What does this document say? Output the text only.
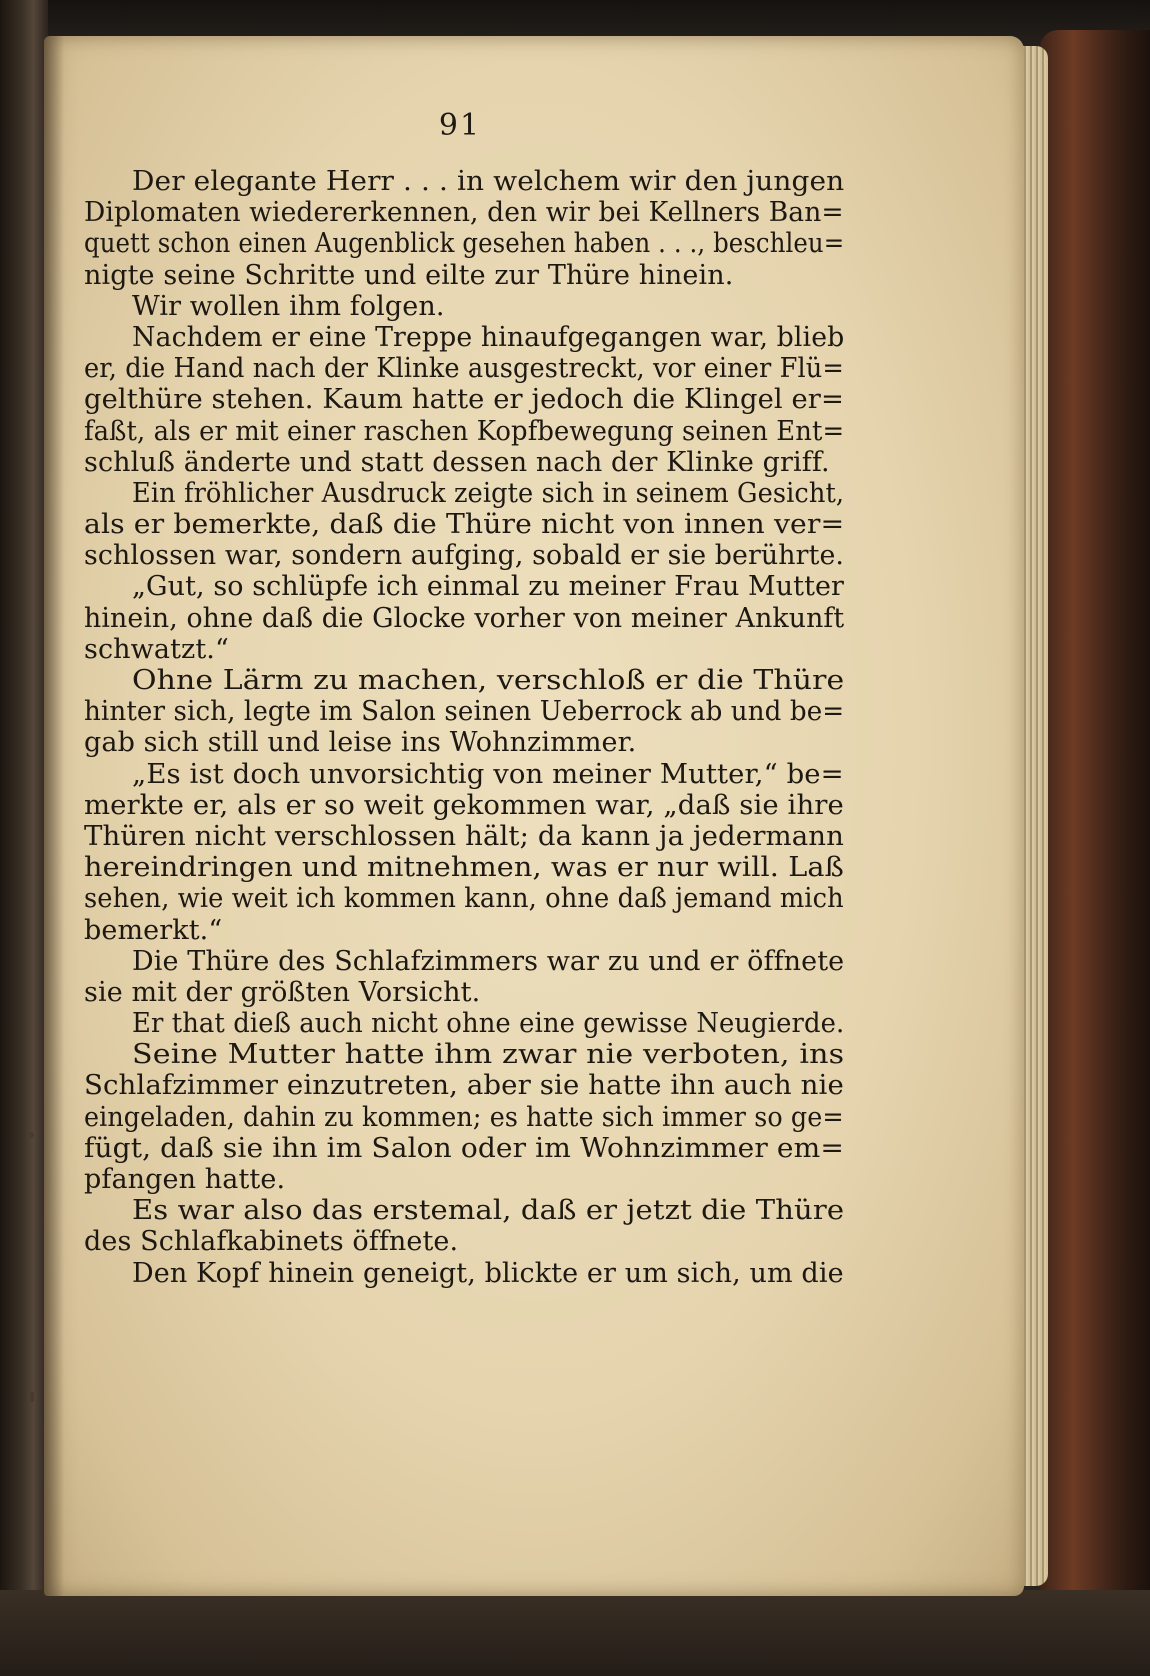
91
Der elegante Herr . . . in welchem wir den jungen
Diplomaten wiedererkennen, den wir bei Kellners Ban=
quett schon einen Augenblick gesehen haben . . ., beschleu=
nigte seine Schritte und eilte zur Thüre hinein.
Wir wollen ihm folgen.
Nachdem er eine Treppe hinaufgegangen war, blieb
er, die Hand nach der Klinke ausgestreckt, vor einer Flü=
gelthüre stehen. Kaum hatte er jedoch die Klingel er=
faßt, als er mit einer raschen Kopfbewegung seinen Ent=
schluß änderte und statt dessen nach der Klinke griff.
Ein fröhlicher Ausdruck zeigte sich in seinem Gesicht,
als er bemerkte, daß die Thüre nicht von innen ver=
schlossen war, sondern aufging, sobald er sie berührte.
„Gut, so schlüpfe ich einmal zu meiner Frau Mutter
hinein, ohne daß die Glocke vorher von meiner Ankunft
schwatzt.“
Ohne Lärm zu machen, verschloß er die Thüre
hinter sich, legte im Salon seinen Ueberrock ab und be=
gab sich still und leise ins Wohnzimmer.
„Es ist doch unvorsichtig von meiner Mutter,“ be=
merkte er, als er so weit gekommen war, „daß sie ihre
Thüren nicht verschlossen hält; da kann ja jedermann
hereindringen und mitnehmen, was er nur will. Laß
sehen, wie weit ich kommen kann, ohne daß jemand mich
bemerkt.“
Die Thüre des Schlafzimmers war zu und er öffnete
sie mit der größten Vorsicht.
Er that dieß auch nicht ohne eine gewisse Neugierde.
Seine Mutter hatte ihm zwar nie verboten, ins
Schlafzimmer einzutreten, aber sie hatte ihn auch nie
eingeladen, dahin zu kommen; es hatte sich immer so ge=
fügt, daß sie ihn im Salon oder im Wohnzimmer em=
pfangen hatte.
Es war also das erstemal, daß er jetzt die Thüre
des Schlafkabinets öffnete.
Den Kopf hinein geneigt, blickte er um sich, um die
